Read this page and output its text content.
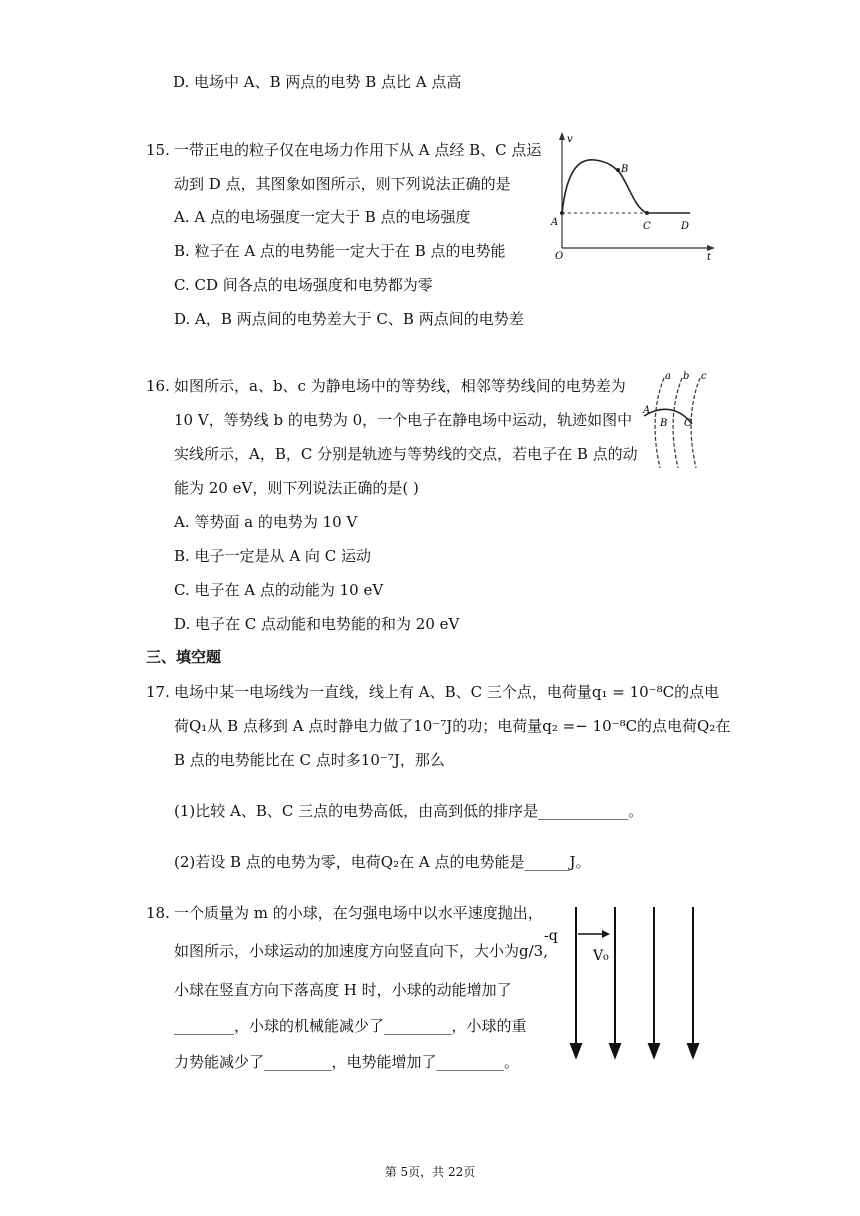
D. 电场中 A、B 两点的电势 B 点比 A 点高
15. 一带正电的粒子仅在电场力作用下从 A 点经 B、C 点运
动到 D 点，其图象如图所示，则下列说法正确的是
A. A 点的电场强度一定大于 B 点的电场强度
B. 粒子在 A 点的电势能一定大于在 B 点的电势能
C. CD 间各点的电场强度和电势都为零
D. A，B 两点间的电势差大于 C、B 两点间的电势差
v
t
O
A
B
C	D
16. 如图所示，a、b、c 为静电场中的等势线，相邻等势线间的电势差为
10 V，等势线 b 的电势为 0，一个电子在静电场中运动，轨迹如图中
实线所示，A，B，C 分别是轨迹与等势线的交点，若电子在 B 点的动
能为 20 eV，则下列说法正确的是( )
A. 等势面 a 的电势为 10 V
B. 电子一定是从 A 向 C 运动
C. 电子在 A 点的动能为 10 eV
D. 电子在 C 点动能和电势能的和为 20 eV
a b c
A
B C
三、填空题
17. 电场中某一电场线为一直线，线上有 A、B、C 三个点，电荷量q₁ = 10⁻⁸C的点电
荷Q₁从 B 点移到 A 点时静电力做了10⁻⁷J的功；电荷量q₂ =− 10⁻⁸C的点电荷Q₂在
B 点的电势能比在 C 点时多10⁻⁷J，那么
(1)比较 A、B、C 三点的电势高低，由高到低的排序是____________。
(2)若设 B 点的电势为零，电荷Q₂在 A 点的电势能是______J。
18. 一个质量为 m 的小球，在匀强电场中以水平速度抛出，
如图所示，小球运动的加速度方向竖直向下，大小为g/3,
小球在竖直方向下落高度 H 时，小球的动能增加了
________，小球的机械能减少了_________，小球的重
力势能减少了_________，电势能增加了_________。
-q
V₀
第 5页，共 22页
